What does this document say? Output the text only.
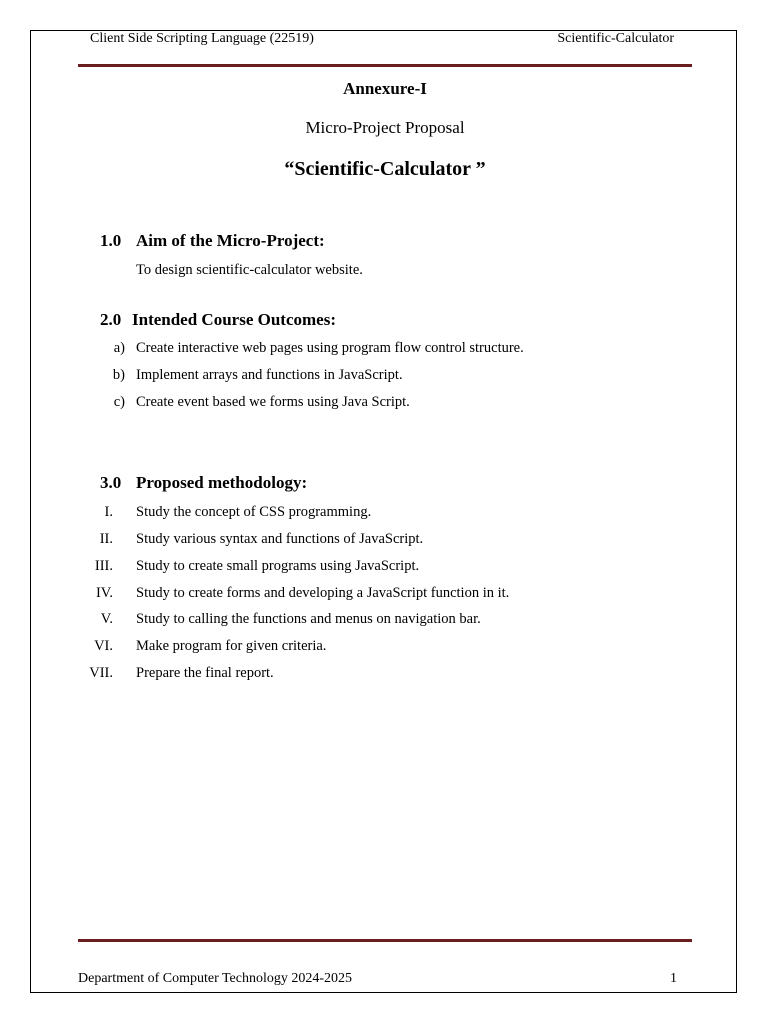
Client Side Scripting Language (22519)	Scientific-Calculator
Annexure-I
Micro-Project Proposal
“Scientific-Calculator ”
1.0 Aim of the Micro-Project:
To design scientific-calculator website.
2.0 Intended Course Outcomes:
a) Create interactive web pages using program flow control structure.
b) Implement arrays and functions in JavaScript.
c) Create event based we forms using Java Script.
3.0 Proposed methodology:
I. Study the concept of CSS programming.
II. Study various syntax and functions of JavaScript.
III. Study to create small programs using JavaScript.
IV. Study to create forms and developing a JavaScript function in it.
V. Study to calling the functions and menus on navigation bar.
VI. Make program for given criteria.
VII. Prepare the final report.
Department of Computer Technology 2024-2025	1
